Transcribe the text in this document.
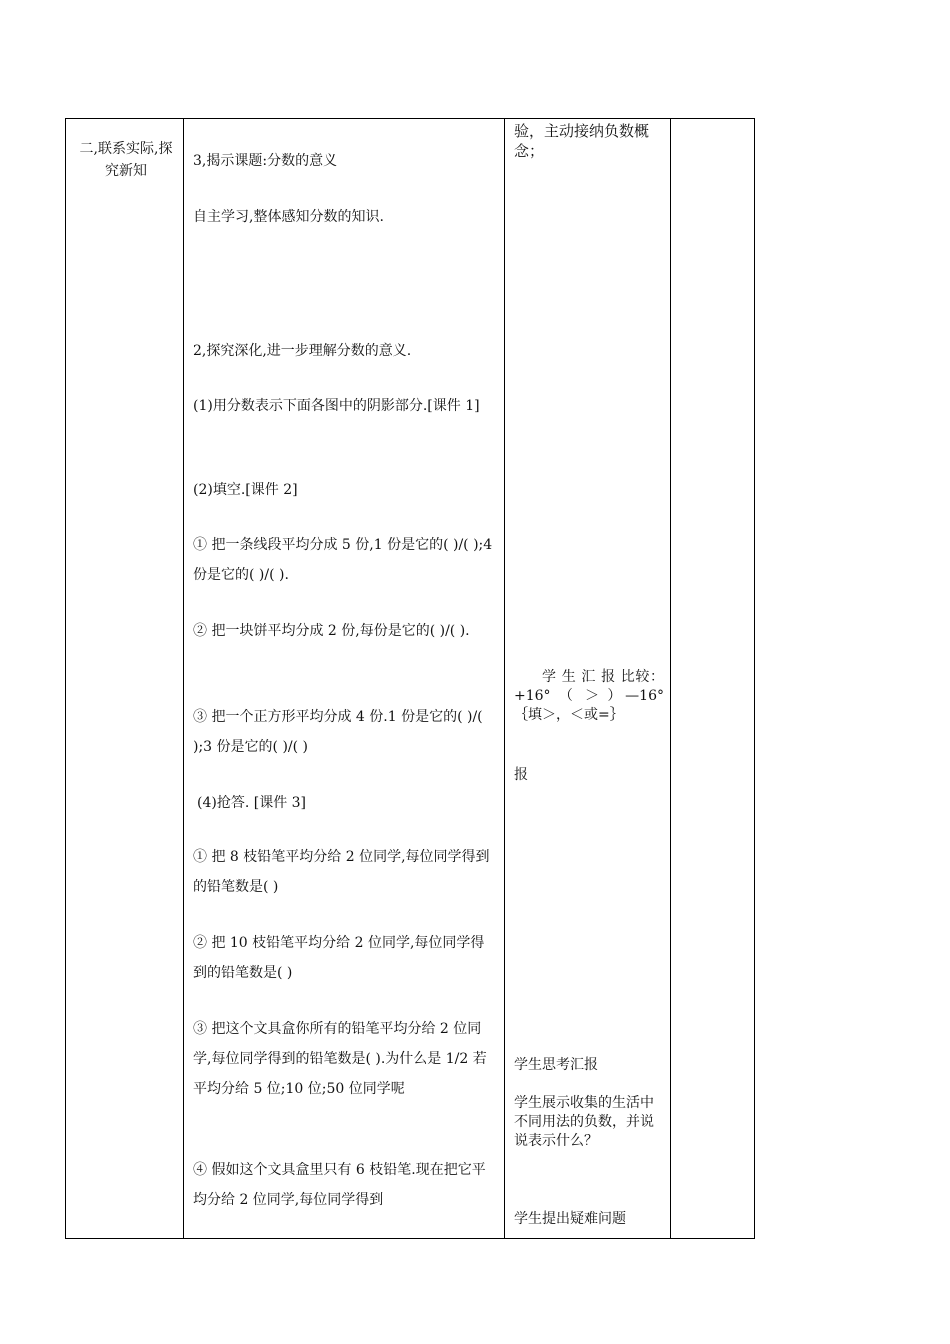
二,联系实际,探究新知

3,揭示课题:分数的意义

自主学习,整体感知分数的知识.

2,探究深化,进一步理解分数的意义.

(1)用分数表示下面各图中的阴影部分.[课件 1]

(2)填空.[课件 2]

① 把一条线段平均分成 5 份,1 份是它的( )/( );4 份是它的( )/( ).

② 把一块饼平均分成 2 份,每份是它的( )/( ).

③ 把一个正方形平均分成 4 份.1 份是它的( )/( );3 份是它的( )/( )

(4)抢答. [课件 3]

① 把 8 枝铅笔平均分给 2 位同学,每位同学得到的铅笔数是( )

② 把 10 枝铅笔平均分给 2 位同学,每位同学得到的铅笔数是( )

③ 把这个文具盒你所有的铅笔平均分给 2 位同学,每位同学得到的铅笔数是( ).为什么是 1/2 若平均分给 5 位;10 位;50 位同学呢

④ 假如这个文具盒里只有 6 枝铅笔.现在把它平均分给 2 位同学,每位同学得到

验，主动接纳负数概念；

学 生 汇 报 比较：+16° （ ＞ ）—16°｛填＞，＜或=｝

报

学生思考汇报

学生展示收集的生活中不同用法的负数，并说说表示什么？

学生提出疑难问题
